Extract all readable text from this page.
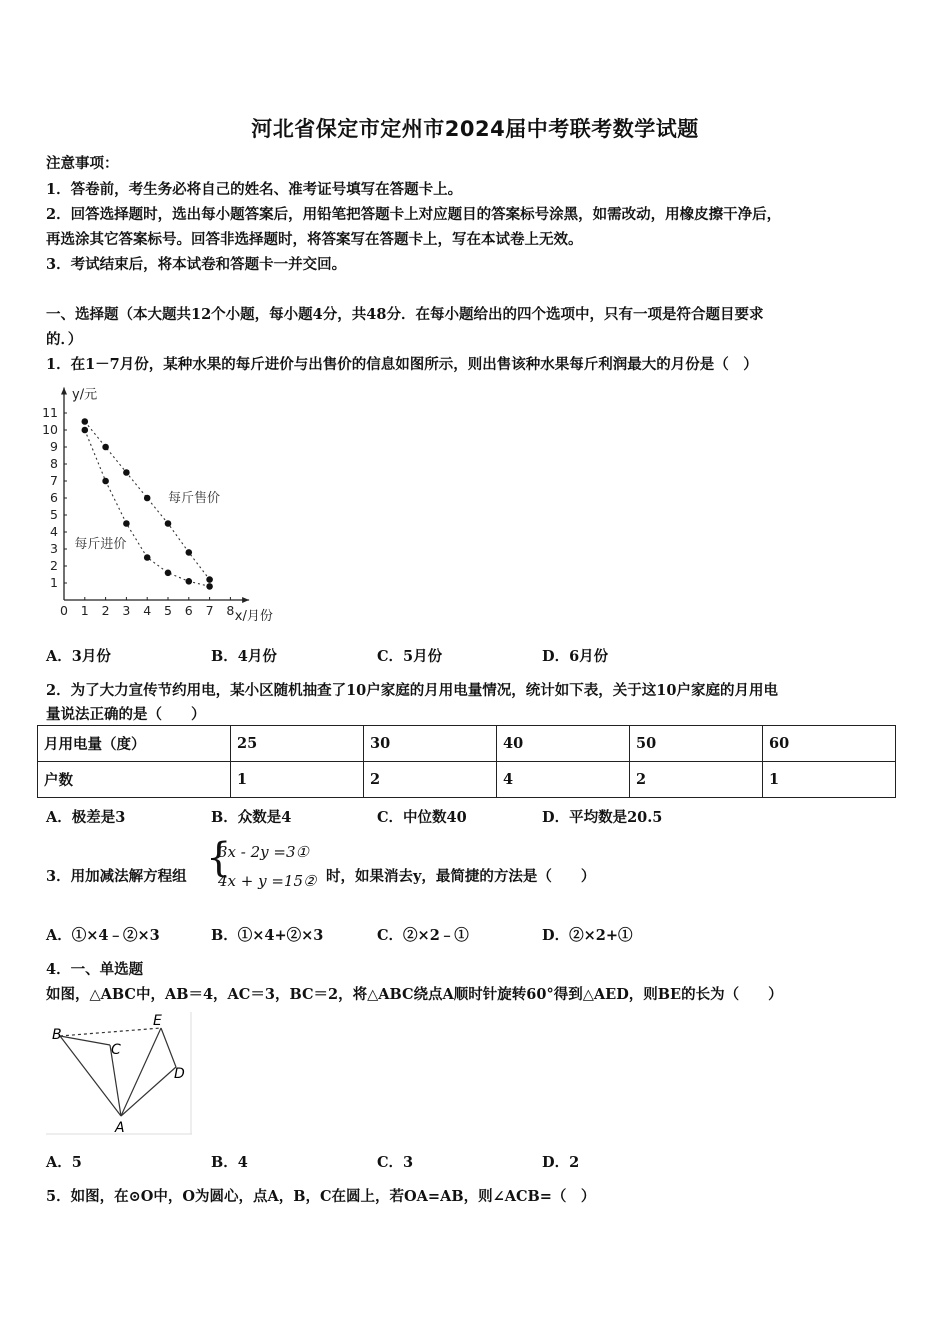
河北省保定市定州市2024届中考联考数学试题
注意事项：
1．答卷前，考生务必将自己的姓名、准考证号填写在答题卡上。
2．回答选择题时，选出每小题答案后，用铅笔把答题卡上对应题目的答案标号涂黑，如需改动，用橡皮擦干净后，
再选涂其它答案标号。回答非选择题时，将答案写在答题卡上，写在本试卷上无效。
3．考试结束后，将本试卷和答题卡一并交回。
一、选择题（本大题共12个小题，每小题4分，共48分．在每小题给出的四个选项中，只有一项是符合题目要求
的．）
1．在1－7月份，某种水果的每斤进价与出售价的信息如图所示，则出售该种水果每斤利润最大的月份是（　）
0 1 2 3 4 5 6 7 8
1
2
3
4
5
6
7
8
9
10
11
y/元
x/月份
每斤售价
每斤进价
A．3月份	B．4月份	C．5月份	D．6月份
2．为了大力宣传节约用电，某小区随机抽查了10户家庭的月用电量情况，统计如下表，关于这10户家庭的月用电
量说法正确的是（　　）
月用电量（度）	25	30	40	50	60
户数	1	2	4	2	1
A．极差是3	B．众数是4	C．中位数40	D．平均数是20.5
3．用加减法解方程组 {
3x - 2y =3①
4x + y =15② 时，如果消去y，最简捷的方法是（　　）
A．①×4﹣②×3	B．①×4+②×3	C．②×2﹣①	D．②×2+①
4．一、单选题
如图，△ABC中，AB＝4，AC＝3，BC＝2，将△ABC绕点A顺时针旋转60°得到△AED，则BE的长为（　　）
B
C
E
D
A
A．5	B．4	C．3	D．2
5．如图，在⊙O中，O为圆心，点A，B，C在圆上，若OA=AB，则∠ACB=（　）
